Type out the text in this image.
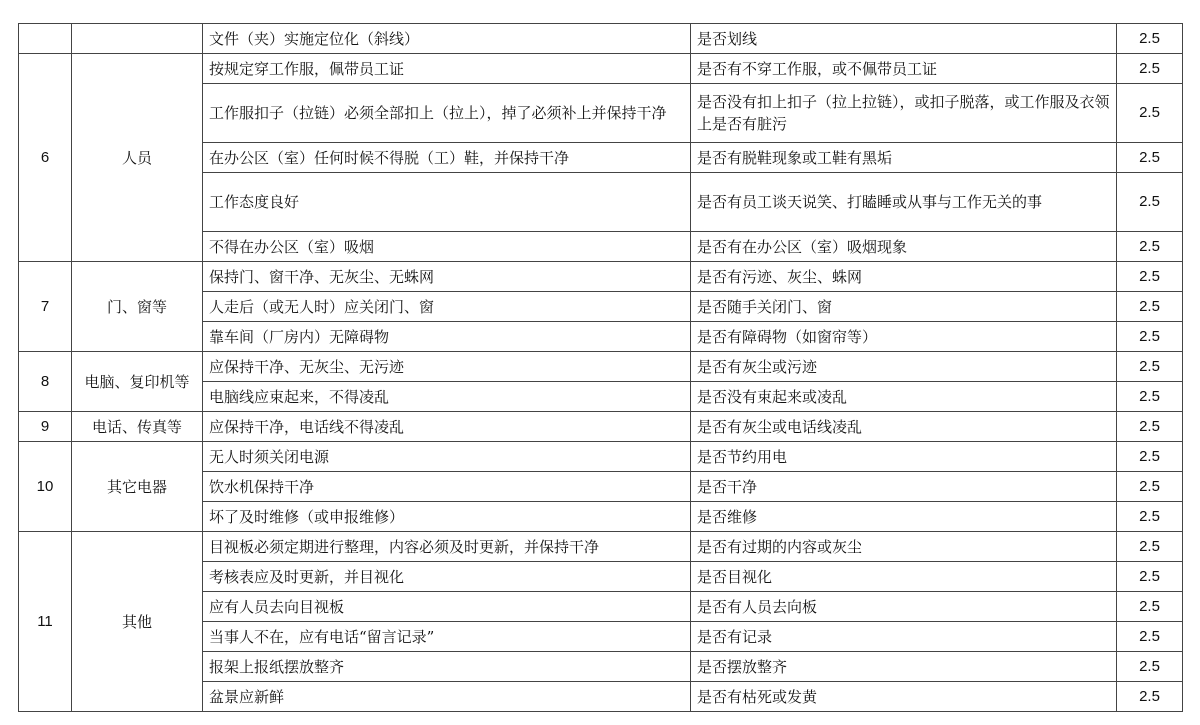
		文件（夹）实施定位化（斜线）	是否划线	2.5
6	人员	按规定穿工作服，佩带员工证	是否有不穿工作服，或不佩带员工证	2.5
		工作服扣子（拉链）必须全部扣上（拉上），掉了必须补上并保持干净	是否没有扣上扣子（拉上拉链），或扣子脱落，或工作服及衣领上是否有脏污	2.5
		在办公区（室）任何时候不得脱（工）鞋，并保持干净	是否有脱鞋现象或工鞋有黑垢	2.5
		工作态度良好	是否有员工谈天说笑、打瞌睡或从事与工作无关的事	2.5
		不得在办公区（室）吸烟	是否有在办公区（室）吸烟现象	2.5
7	门、窗等	保持门、窗干净、无灰尘、无蛛网	是否有污迹、灰尘、蛛网	2.5
		人走后（或无人时）应关闭门、窗	是否随手关闭门、窗	2.5
		靠车间（厂房内）无障碍物	是否有障碍物（如窗帘等）	2.5
8	电脑、复印机等	应保持干净、无灰尘、无污迹	是否有灰尘或污迹	2.5
		电脑线应束起来，不得凌乱	是否没有束起来或凌乱	2.5
9	电话、传真等	应保持干净，电话线不得凌乱	是否有灰尘或电话线凌乱	2.5
10	其它电器	无人时须关闭电源	是否节约用电	2.5
		饮水机保持干净	是否干净	2.5
		坏了及时维修（或申报维修）	是否维修	2.5
11	其他	目视板必须定期进行整理，内容必须及时更新，并保持干净	是否有过期的内容或灰尘	2.5
		考核表应及时更新，并目视化	是否目视化	2.5
		应有人员去向目视板	是否有人员去向板	2.5
		当事人不在，应有电话“留言记录”	是否有记录	2.5
		报架上报纸摆放整齐	是否摆放整齐	2.5
		盆景应新鲜	是否有枯死或发黄	2.5
